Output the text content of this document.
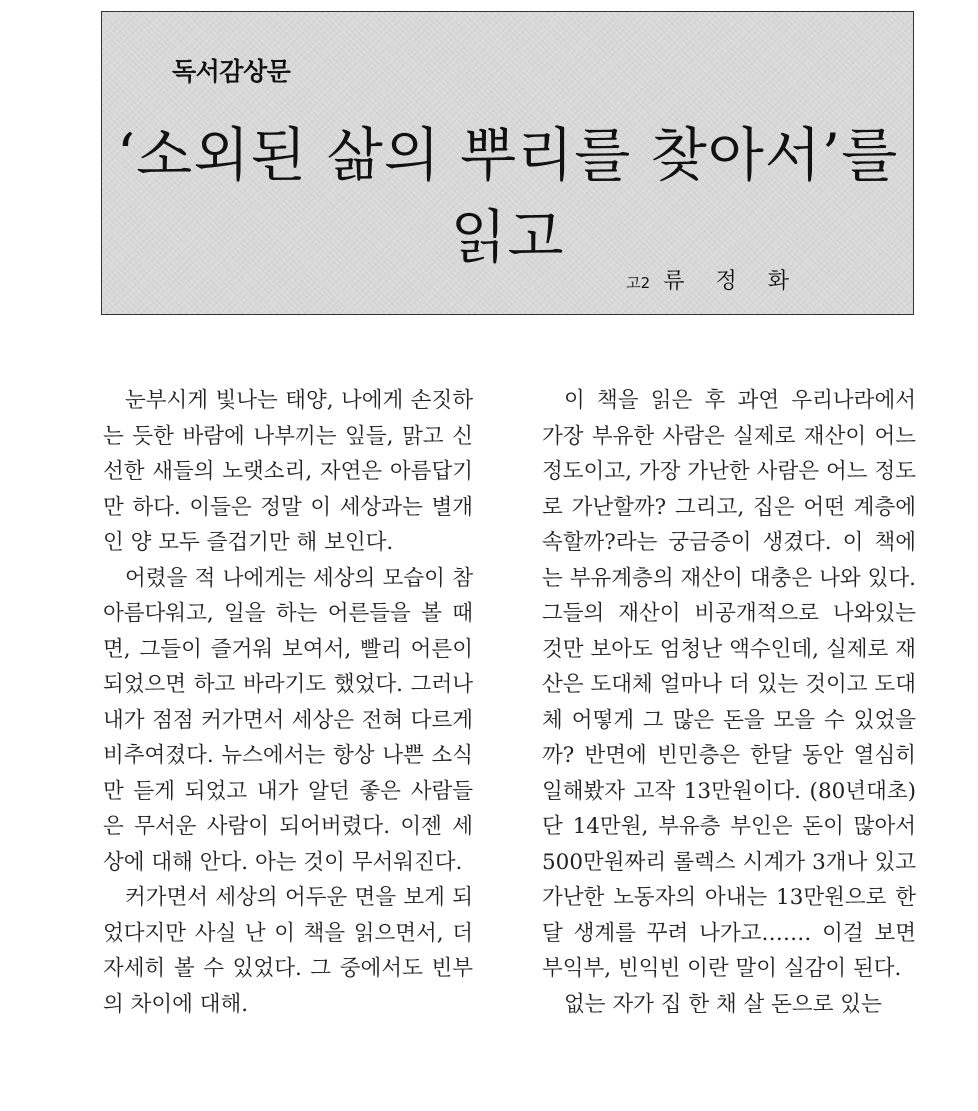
독서감상문
‘소외된 삶의 뿌리를 찾아서’를
읽고
고2 류 정 화

눈부시게 빛나는 태양, 나에게 손짓하는 듯한 바람에 나부끼는 잎들, 맑고 신선한 새들의 노랫소리, 자연은 아름답기만 하다. 이들은 정말 이 세상과는 별개인 양 모두 즐겁기만 해 보인다.

어렸을 적 나에게는 세상의 모습이 참 아름다워고, 일을 하는 어른들을 볼 때면, 그들이 즐거워 보여서, 빨리 어른이 되었으면 하고 바라기도 했었다. 그러나 내가 점점 커가면서 세상은 전혀 다르게 비추여졌다. 뉴스에서는 항상 나쁜 소식만 듣게 되었고 내가 알던 좋은 사람들은 무서운 사람이 되어버렸다. 이젠 세상에 대해 안다. 아는 것이 무서워진다.

커가면서 세상의 어두운 면을 보게 되었다지만 사실 난 이 책을 읽으면서, 더 자세히 볼 수 있었다. 그 중에서도 빈부의 차이에 대해.

이 책을 읽은 후 과연 우리나라에서 가장 부유한 사람은 실제로 재산이 어느 정도이고, 가장 가난한 사람은 어느 정도로 가난할까? 그리고, 집은 어떤 계층에 속할까?라는 궁금증이 생겼다. 이 책에는 부유계층의 재산이 대충은 나와 있다. 그들의 재산이 비공개적으로 나와있는 것만 보아도 엄청난 액수인데, 실제로 재산은 도대체 얼마나 더 있는 것이고 도대체 어떻게 그 많은 돈을 모을 수 있었을까? 반면에 빈민층은 한달 동안 열심히 일해봤자 고작 13만원이다. (80년대초)단 14만원, 부유층 부인은 돈이 많아서 500만원짜리 롤렉스 시계가 3개나 있고 가난한 노동자의 아내는 13만원으로 한달 생계를 꾸려 나가고……. 이걸 보면 부익부, 빈익빈 이란 말이 실감이 된다.

없는 자가 집 한 채 살 돈으로 있는
